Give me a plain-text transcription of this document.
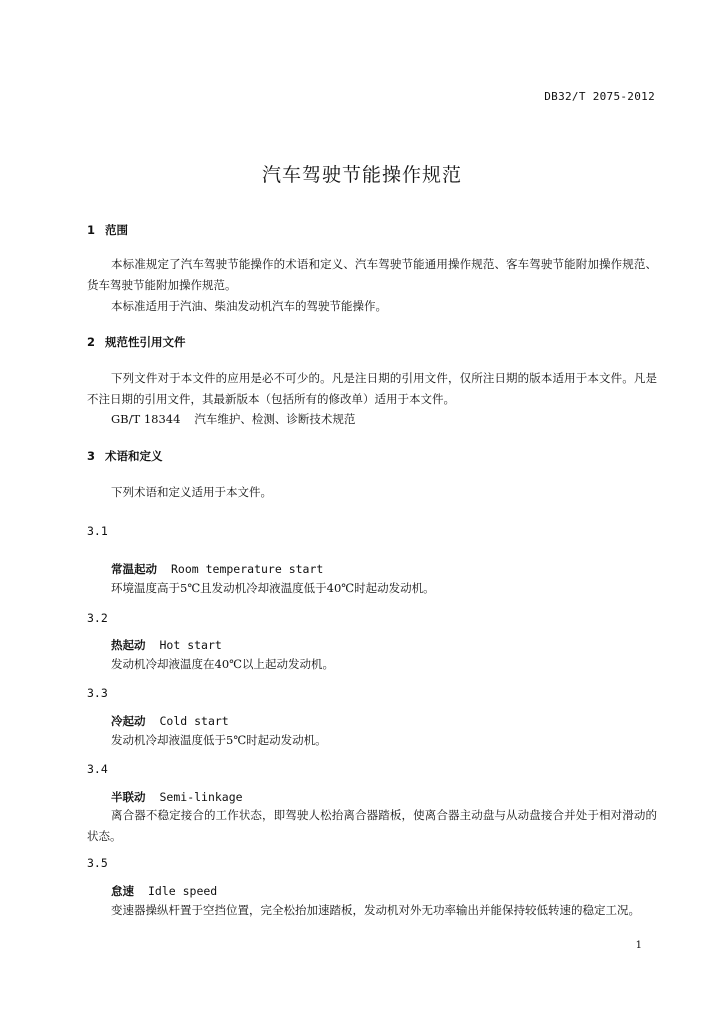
DB32/T 2075-2012
汽车驾驶节能操作规范
1 范围
本标准规定了汽车驾驶节能操作的术语和定义、汽车驾驶节能通用操作规范、客车驾驶节能附加操作规范、货车驾驶节能附加操作规范。
本标准适用于汽油、柴油发动机汽车的驾驶节能操作。
2 规范性引用文件
下列文件对于本文件的应用是必不可少的。凡是注日期的引用文件，仅所注日期的版本适用于本文件。凡是不注日期的引用文件，其最新版本（包括所有的修改单）适用于本文件。
GB/T 18344 汽车维护、检测、诊断技术规范
3 术语和定义
下列术语和定义适用于本文件。
3.1
常温起动 Room temperature start
环境温度高于5℃且发动机冷却液温度低于40℃时起动发动机。
3.2
热起动 Hot start
发动机冷却液温度在40℃以上起动发动机。
3.3
冷起动 Cold start
发动机冷却液温度低于5℃时起动发动机。
3.4
半联动 Semi-linkage
离合器不稳定接合的工作状态，即驾驶人松抬离合器踏板，使离合器主动盘与从动盘接合并处于相对滑动的状态。
3.5
怠速 Idle speed
变速器操纵杆置于空挡位置，完全松抬加速踏板，发动机对外无功率输出并能保持较低转速的稳定工况。
1
